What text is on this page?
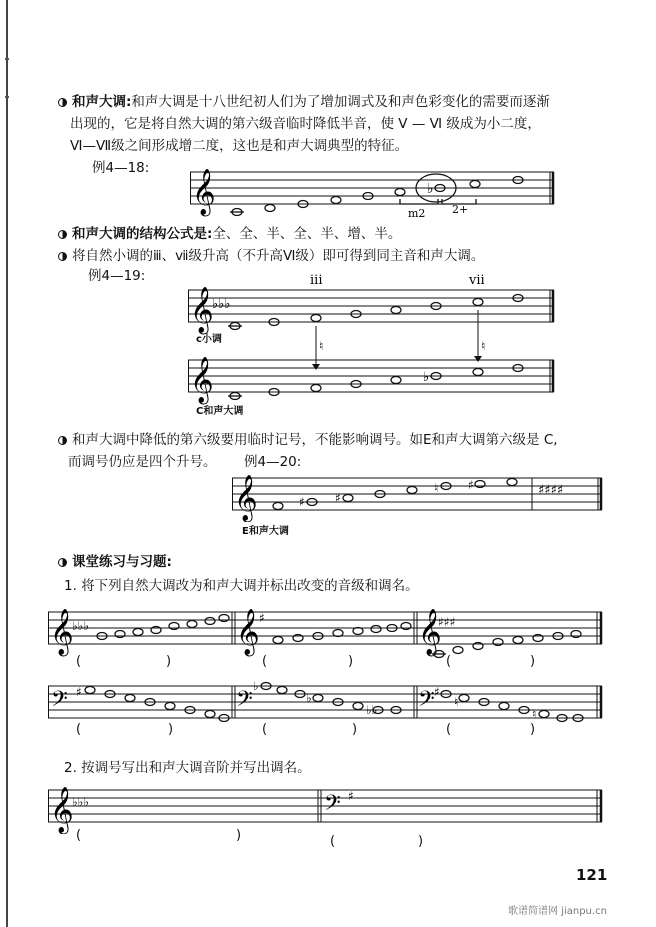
和声大调:和声大调是十八世纪初人们为了增加调式及和声色彩变化的需要而逐渐
出现的，它是将自然大调的第六级音临时降低半音，使 Ⅴ — Ⅵ 级成为小二度，
Ⅵ—Ⅶ级之间形成增二度，这也是和声大调典型的特征。
例4—18:
𝄞	♭
m2 2+
和声大调的结构公式是:全、全、半、全、半、增、半。
将自然小调的ⅲ、ⅶ级升高（不升高Ⅵ级）即可得到同主音和声大调。
例4—19:	iii	vii
♮	♮
𝄞
♭♭♭
𝄞	♭
c小调
C和声大调
和声大调中降低的第六级要用临时记号，不能影响调号。如E和声大调第六级是 C,
而调号仍应是四个升号。 例4—20:
𝄞	♯	♯
♮ ♯	♯♯♯♯
E和声大调
课堂练习与习题:
1. 将下列自然大调改为和声大调并标出改变的音级和调名。
𝄞
♭♭♭	𝄞 ♯	𝄞
♯♯♯
(	)	(	)	(	)
𝄢	𝄢	𝄢
♯	♯
♭
♭
♭♭
♮
♮
(	)	(	)	(	)
2. 按调号写出和声大调音阶并写出调名。
𝄞
♭♭♭	𝄢 ♯
(	)	(	)
121
歌谱简谱网 jianpu.cn
